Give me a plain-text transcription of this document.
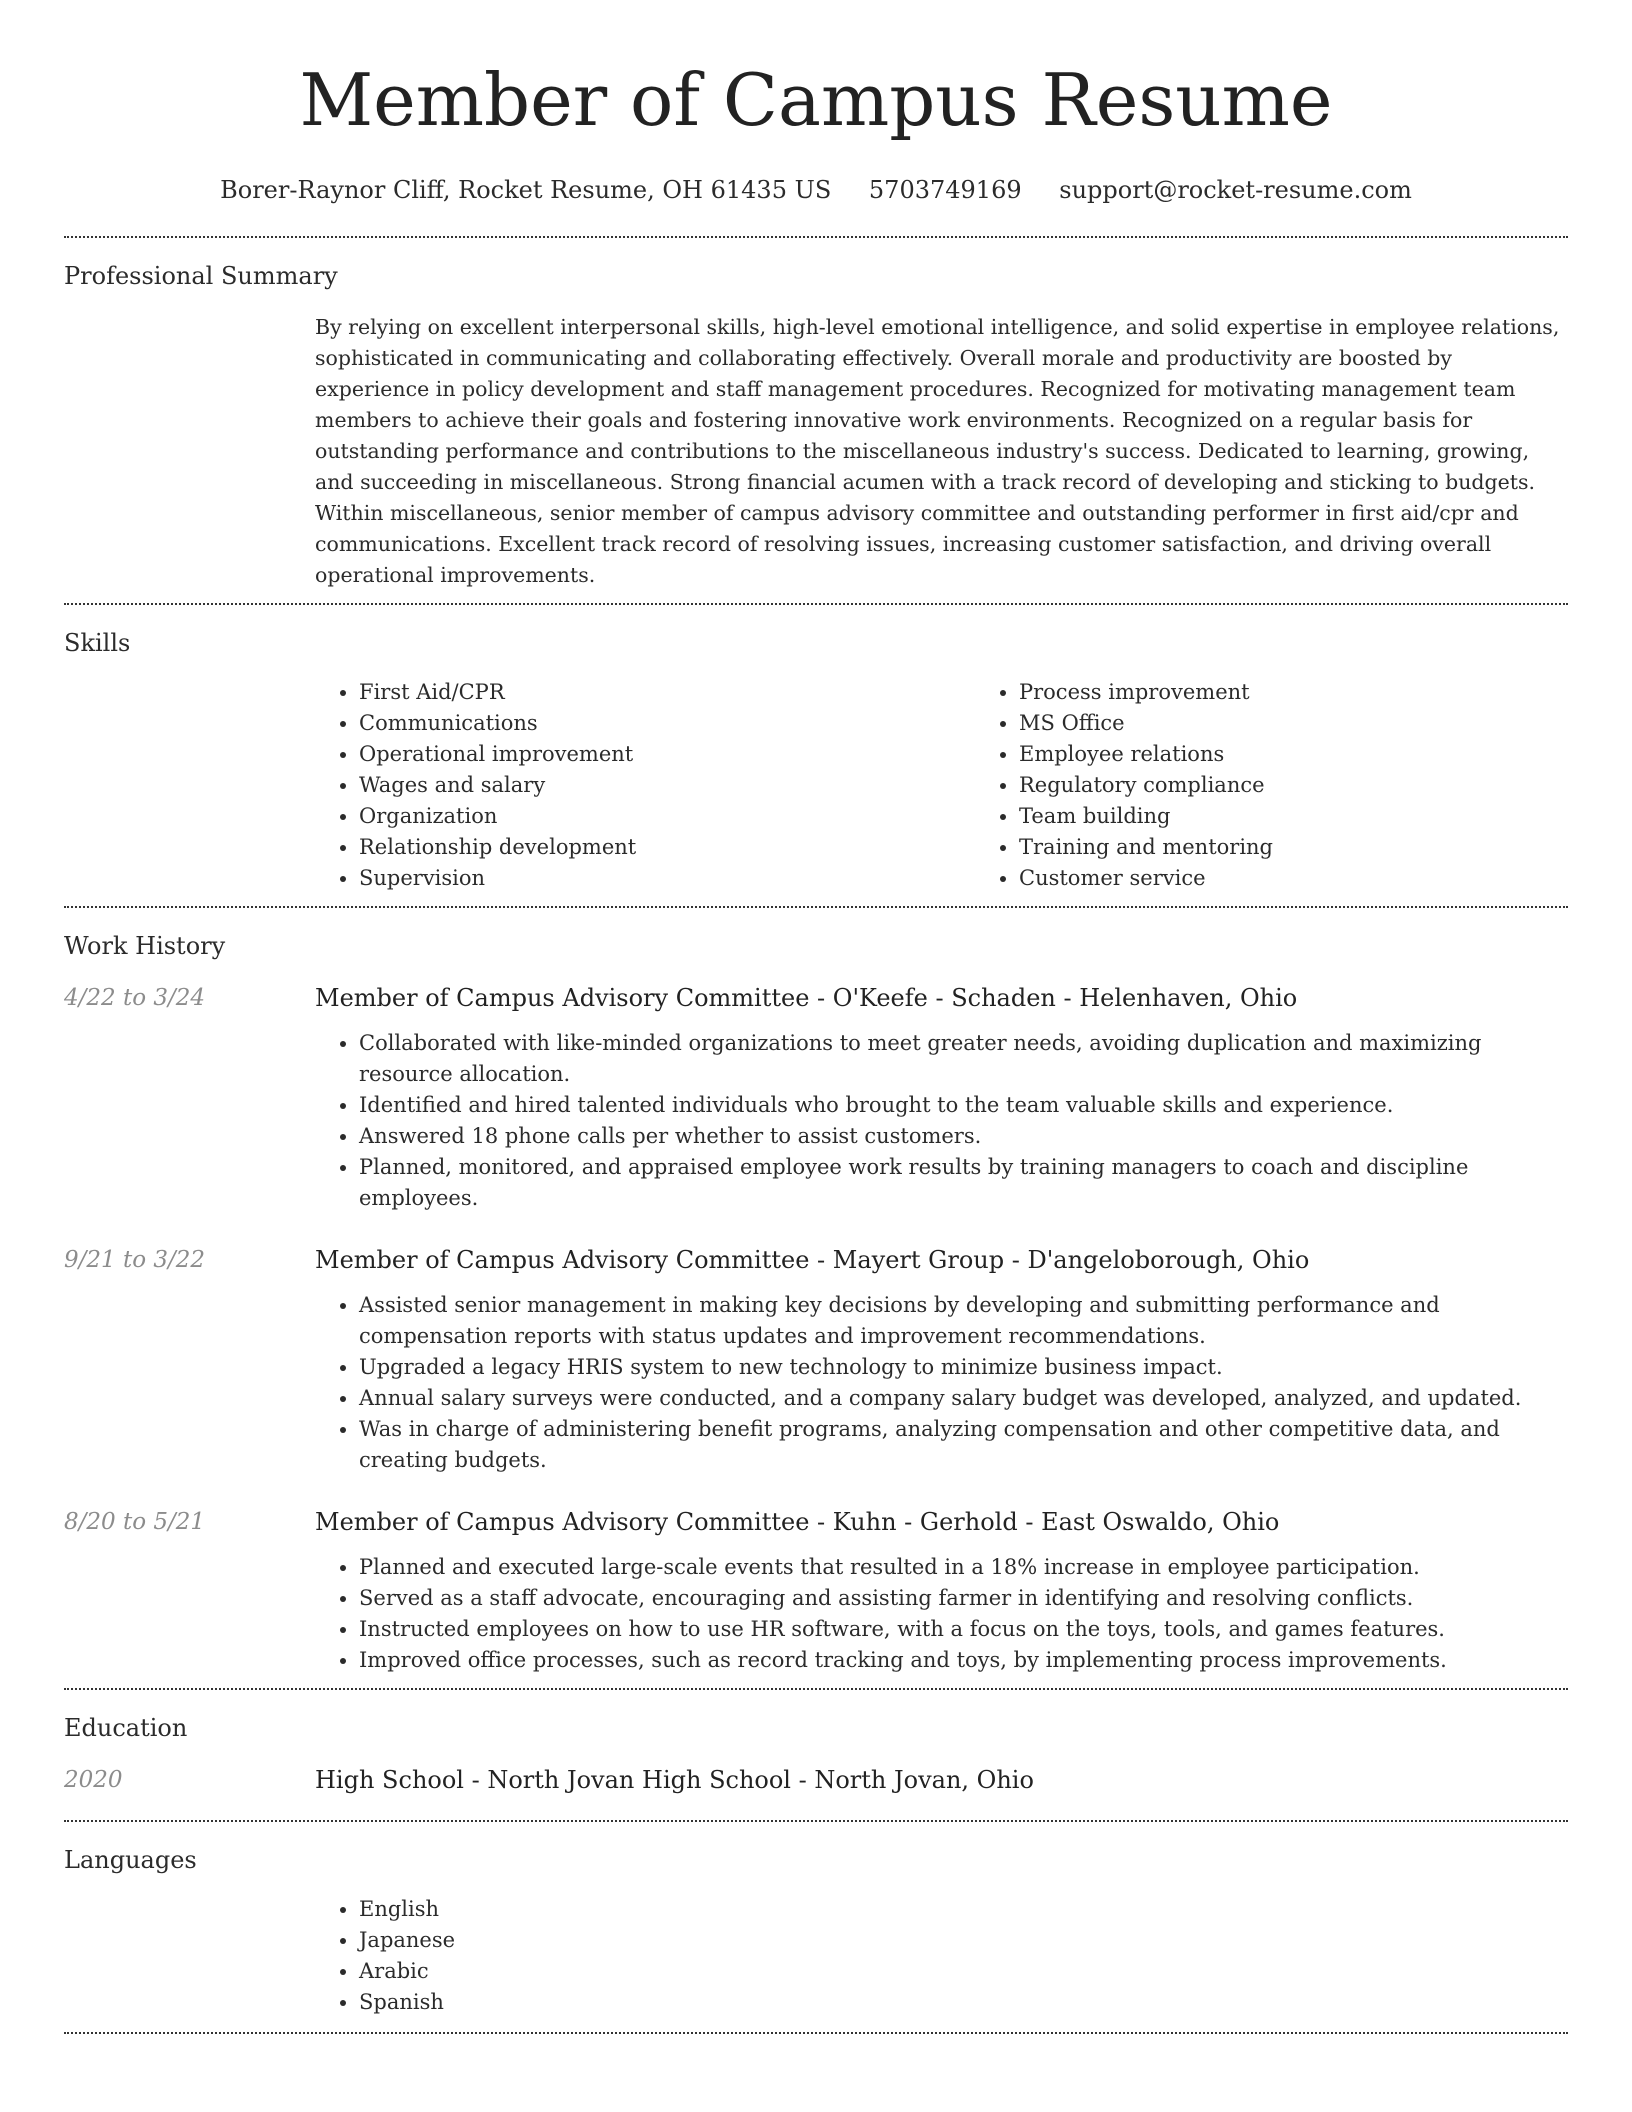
Member of Campus Resume
Borer-Raynor Cliff, Rocket Resume, OH 61435 US 5703749169 support@rocket-resume.com
Professional Summary

By relying on excellent interpersonal skills, high-level emotional intelligence, and solid expertise in employee relations, sophisticated in communicating and collaborating effectively. Overall morale and productivity are boosted by experience in policy development and staff management procedures. Recognized for motivating management team members to achieve their goals and fostering innovative work environments. Recognized on a regular basis for outstanding performance and contributions to the miscellaneous industry's success. Dedicated to learning, growing, and succeeding in miscellaneous. Strong financial acumen with a track record of developing and sticking to budgets. Within miscellaneous, senior member of campus advisory committee and outstanding performer in first aid/cpr and communications. Excellent track record of resolving issues, increasing customer satisfaction, and driving overall operational improvements.

Skills
• First Aid/CPR
• Communications
• Operational improvement
• Wages and salary
• Organization
• Relationship development
• Supervision
• Process improvement
• MS Office
• Employee relations
• Regulatory compliance
• Team building
• Training and mentoring
• Customer service
Work History
4/22 to 3/24	Member of Campus Advisory Committee - O'Keefe - Schaden - Helenhaven, Ohio
• Collaborated with like-minded organizations to meet greater needs, avoiding duplication and maximizing resource allocation.
• Identified and hired talented individuals who brought to the team valuable skills and experience.
• Answered 18 phone calls per whether to assist customers.
• Planned, monitored, and appraised employee work results by training managers to coach and discipline employees.
9/21 to 3/22	Member of Campus Advisory Committee - Mayert Group - D'angeloborough, Ohio
• Assisted senior management in making key decisions by developing and submitting performance and compensation reports with status updates and improvement recommendations.
• Upgraded a legacy HRIS system to new technology to minimize business impact.
• Annual salary surveys were conducted, and a company salary budget was developed, analyzed, and updated.
• Was in charge of administering benefit programs, analyzing compensation and other competitive data, and creating budgets.
8/20 to 5/21	Member of Campus Advisory Committee - Kuhn - Gerhold - East Oswaldo, Ohio
• Planned and executed large-scale events that resulted in a 18% increase in employee participation.
• Served as a staff advocate, encouraging and assisting farmer in identifying and resolving conflicts.
• Instructed employees on how to use HR software, with a focus on the toys, tools, and games features.
• Improved office processes, such as record tracking and toys, by implementing process improvements.
Education
2020	High School - North Jovan High School - North Jovan, Ohio
Languages
• English
• Japanese
• Arabic
• Spanish
